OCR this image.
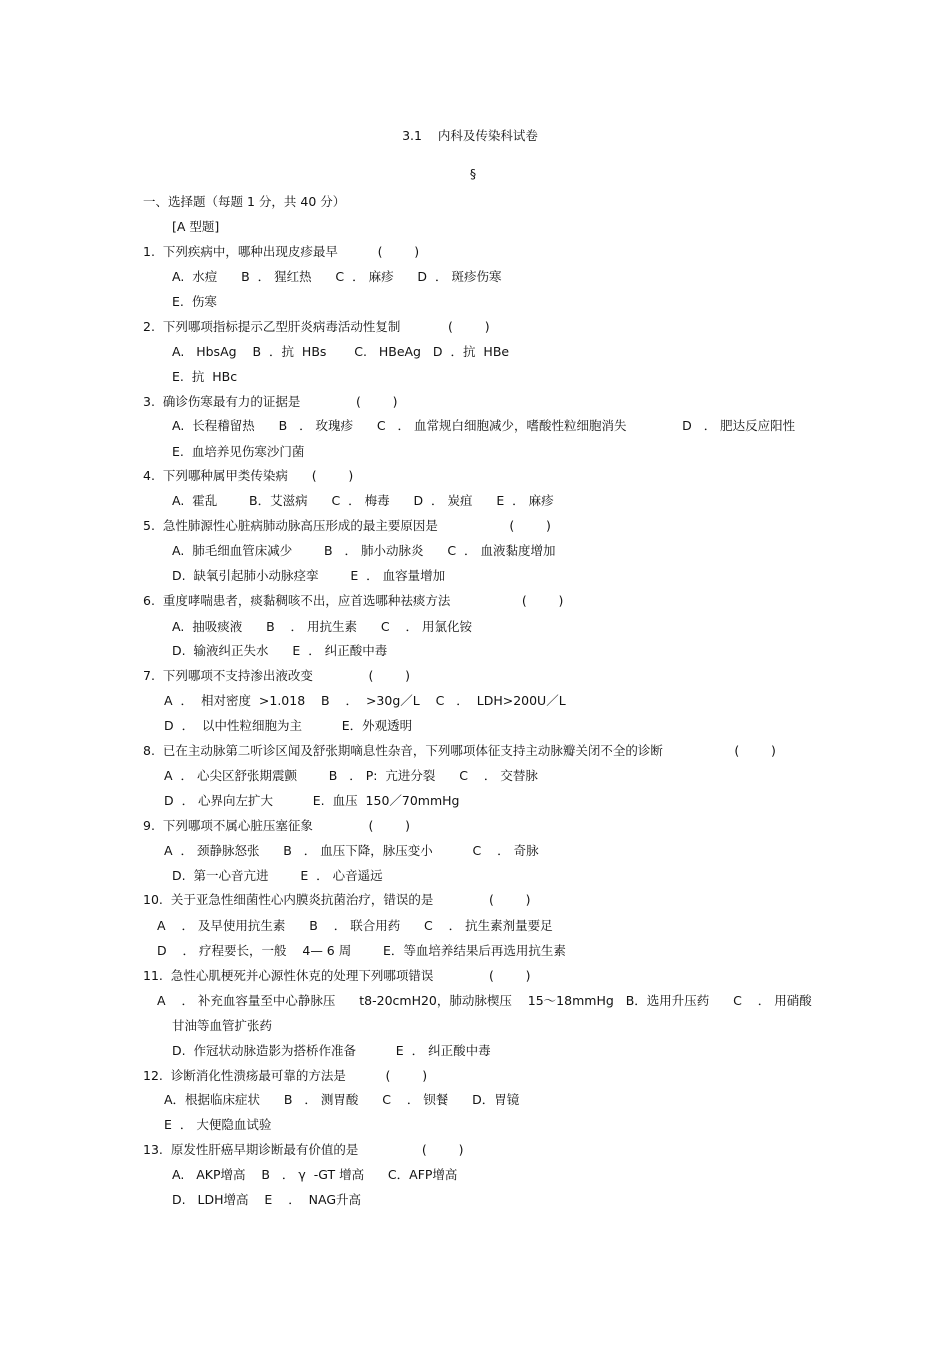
3.1    内科及传染科试卷
§
一、选择题（每题 1 分，共 40 分）
[A 型题]
1.  下列疾病中，哪种出现皮疹最早          (        )
A.  水痘      B  ． 猩红热      C  ． 麻疹      D  ． 斑疹伤寒
E.  伤寒
2.  下列哪项指标提示乙型肝炎病毒活动性复制            (        )
A.   HbsAg    B  ．抗  HBs       C.   HBeAg   D  ．抗  HBe
E.  抗  HBc
3.  确诊伤寒最有力的证据是              (        )
A.  长程稽留热      B   ． 玫瑰疹      C   ． 血常规白细胞减少，嗜酸性粒细胞消失              D   ． 肥达反应阳性
E.  血培养见伤寒沙门菌
4.  下列哪种属甲类传染病      (        )
A.  霍乱        B．艾滋病      C  ． 梅毒      D  ． 炭疽      E  ． 麻疹
5.  急性肺源性心脏病肺动脉高压形成的最主要原因是                  (        )
A.  肺毛细血管床减少        B   ． 肺小动脉炎      C  ． 血液黏度增加
D.  缺氧引起肺小动脉痉挛        E  ． 血容量增加
6.  重度哮喘患者，痰黏稠咳不出，应首选哪种祛痰方法                  (        )
A.  抽吸痰液      B    ． 用抗生素      C    ． 用氯化铵
D.  输液纠正失水      E  ． 纠正酸中毒
7.  下列哪项不支持渗出液改变              (        )
A  ．  相对密度  >1.018    B    ．  >30g／L    C   ．  LDH>200U／L
D  ．  以中性粒细胞为主          E．外观透明
8.  已在主动脉第二听诊区闻及舒张期嘀息性杂音，下列哪项体征支持主动脉瓣关闭不全的诊断                  (        )
A  ． 心尖区舒张期震颤        B   ． P:  亢进分裂      C    ． 交替脉
D  ． 心界向左扩大          E.  血压  150／70mmHg
9.  下列哪项不属心脏压塞征象              (        )
A  ． 颈静脉怒张      B   ． 血压下降，脉压变小          C    ． 奇脉
D.  第一心音亢进        E  ． 心音遥远
10.  关于亚急性细菌性心内膜炎抗菌治疗，错误的是              (        )
A    ． 及早使用抗生素      B    ． 联合用药      C    ． 抗生素剂量要足
D    ． 疗程要长，一般    4— 6 周        E．等血培养结果后再选用抗生素
11.  急性心肌梗死并心源性休克的处理下列哪项错误              (        )
A    ． 补充血容量至中心静脉压      t8-20cmH20，肺动脉楔压    15～18mmHg   B．选用升压药      C    ． 用硝酸
甘油等血管扩张药
D.  作冠状动脉造影为搭桥作准备          E  ． 纠正酸中毒
12.  诊断消化性溃疡最可靠的方法是          (        )
A．根据临床症状      B   ． 测胃酸      C    ． 钡餐      D．胃镜
E  ． 大便隐血试验
13.  原发性肝癌早期诊断最有价值的是                (        )
A.   AKP增高    B   ． γ  -GT 增高      C．AFP增高
D.   LDH增高    E    ．  NAG升高
